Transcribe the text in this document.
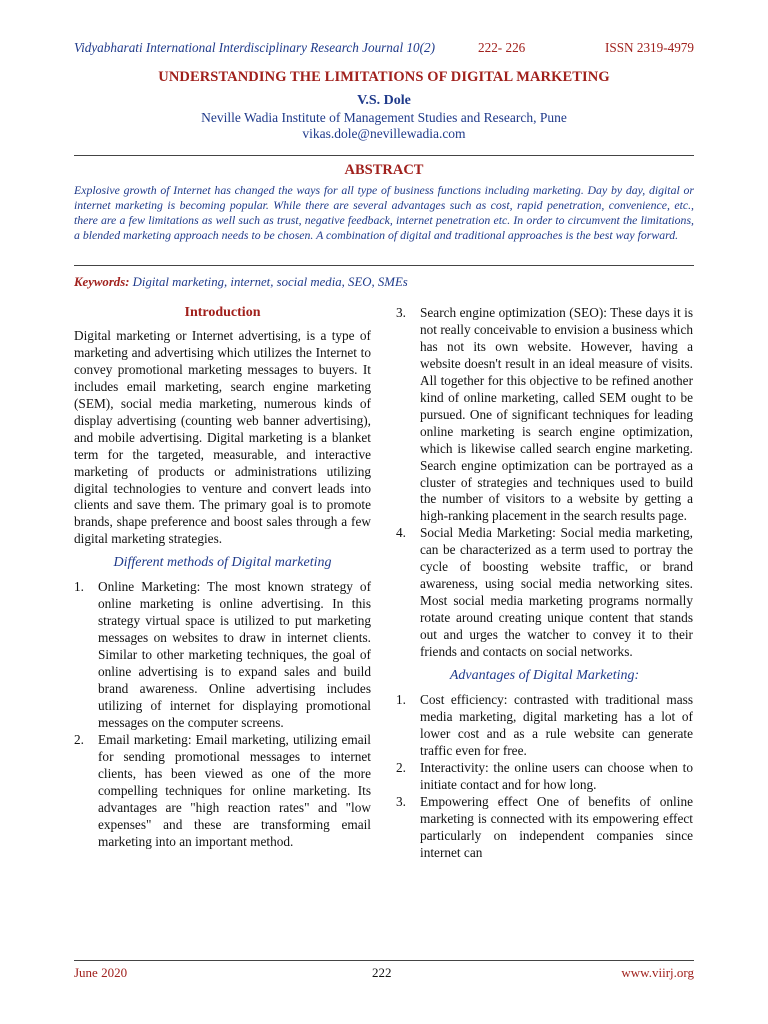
Vidyabharati International Interdisciplinary Research Journal 10(2)	222- 226	ISSN 2319-4979
UNDERSTANDING THE LIMITATIONS OF DIGITAL MARKETING
V.S. Dole
Neville Wadia Institute of Management Studies and Research, Pune
vikas.dole@nevillewadia.com
ABSTRACT
Explosive growth of Internet has changed the ways for all type of business functions including marketing. Day by day, digital or internet marketing is becoming popular. While there are several advantages such as cost, rapid penetration, convenience, etc., there are a few limitations as well such as trust, negative feedback, internet penetration etc. In order to circumvent the limitations, a blended marketing approach needs to be chosen. A combination of digital and traditional approaches is the best way forward.
Keywords: Digital marketing, internet, social media, SEO, SMEs
Introduction

Digital marketing or Internet advertising, is a type of marketing and advertising which utilizes the Internet to convey promotional marketing messages to buyers. It includes email marketing, search engine marketing (SEM), social media marketing, numerous kinds of display advertising (counting web banner advertising), and mobile advertising. Digital marketing is a blanket term for the targeted, measurable, and interactive marketing of products or administrations utilizing digital technologies to venture and convert leads into clients and save them. The primary goal is to promote brands, shape preference and boost sales through a few digital marketing strategies.

Different methods of Digital marketing
1.	Online Marketing: The most known strategy of online marketing is online advertising. In this strategy virtual space is utilized to put marketing messages on websites to draw in internet clients. Similar to other marketing techniques, the goal of online advertising is to expand sales and build brand awareness. Online advertising includes utilizing of internet for displaying promotional messages on the computer screens.
2.	Email marketing: Email marketing, utilizing email for sending promotional messages to internet clients, has been viewed as one of the more compelling techniques for online marketing. Its advantages are "high reaction rates" and "low expenses" and these are transforming email marketing into an important method.
3.	Search engine optimization (SEO): These days it is not really conceivable to envision a business which has not its own website. However, having a website doesn't result in an ideal measure of visits. All together for this objective to be refined another kind of online marketing, called SEM ought to be pursued. One of significant techniques for leading online marketing is search engine optimization, which is likewise called search engine marketing. Search engine optimization can be portrayed as a cluster of strategies and techniques used to build the number of visitors to a website by getting a high-ranking placement in the search results page.
4.	Social Media Marketing: Social media marketing, can be characterized as a term used to portray the cycle of boosting website traffic, or brand awareness, using social media networking sites. Most social media marketing programs normally rotate around creating unique content that stands out and urges the watcher to convey it to their friends and contacts on social networks.
Advantages of Digital Marketing:
1.	Cost efficiency: contrasted with traditional mass media marketing, digital marketing has a lot of lower cost and as a rule website can generate traffic even for free.
2.	Interactivity: the online users can choose when to initiate contact and for how long.
3.	Empowering effect One of benefits of online marketing is connected with its empowering effect particularly on independent companies since internet can
June 2020	222	www.viirj.org
